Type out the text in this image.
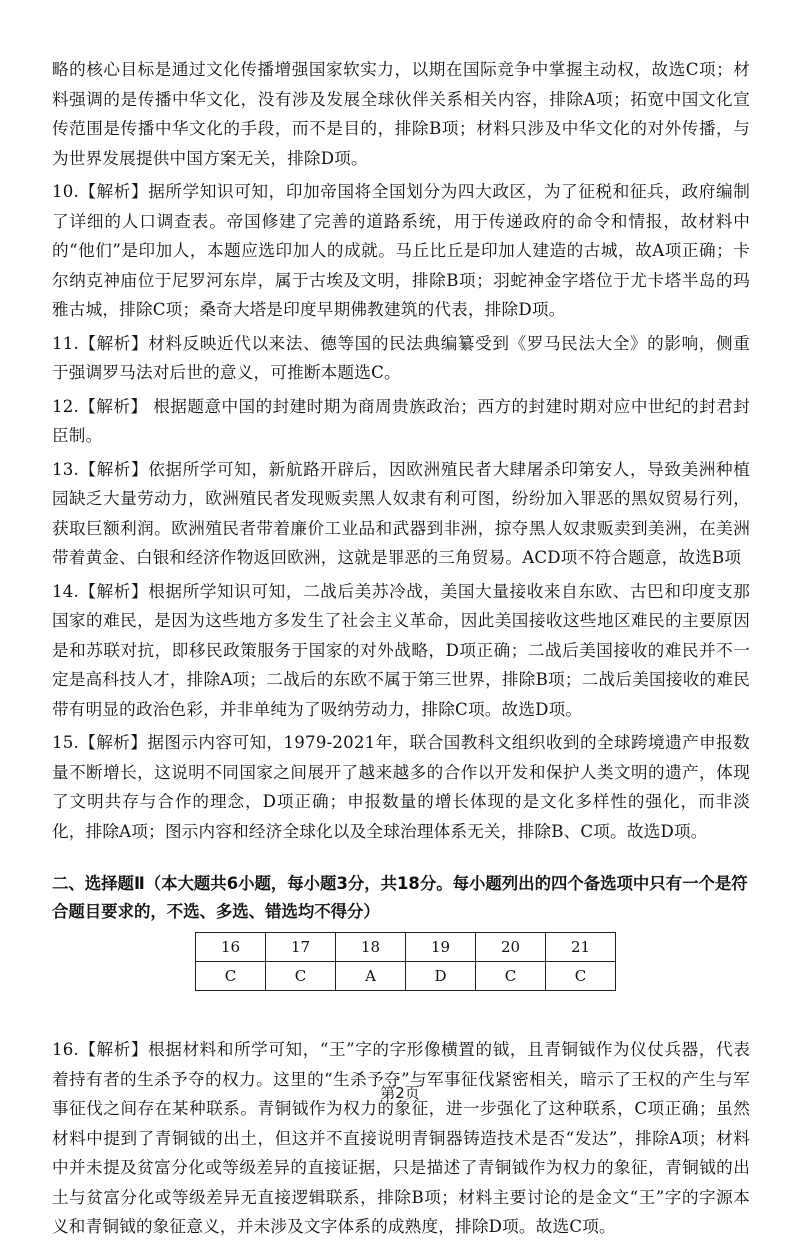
略的核心目标是通过文化传播增强国家软实力，以期在国际竞争中掌握主动权，故选C项；材料强调的是传播中华文化，没有涉及发展全球伙伴关系相关内容，排除A项；拓宽中国文化宣传范围是传播中华文化的手段，而不是目的，排除B项；材料只涉及中华文化的对外传播，与为世界发展提供中国方案无关，排除D项。

10.【解析】据所学知识可知，印加帝国将全国划分为四大政区，为了征税和征兵，政府编制了详细的人口调查表。帝国修建了完善的道路系统，用于传递政府的命令和情报，故材料中的“他们”是印加人，本题应选印加人的成就。马丘比丘是印加人建造的古城，故A项正确；卡尔纳克神庙位于尼罗河东岸，属于古埃及文明，排除B项；羽蛇神金字塔位于尤卡塔半岛的玛雅古城，排除C项；桑奇大塔是印度早期佛教建筑的代表，排除D项。

11.【解析】材料反映近代以来法、德等国的民法典编纂受到《罗马民法大全》的影响，侧重于强调罗马法对后世的意义，可推断本题选C。

12.【解析】 根据题意中国的封建时期为商周贵族政治；西方的封建时期对应中世纪的封君封臣制。

13.【解析】依据所学可知，新航路开辟后，因欧洲殖民者大肆屠杀印第安人，导致美洲种植园缺乏大量劳动力，欧洲殖民者发现贩卖黑人奴隶有利可图，纷纷加入罪恶的黑奴贸易行列，获取巨额利润。欧洲殖民者带着廉价工业品和武器到非洲，掠夺黑人奴隶贩卖到美洲，在美洲带着黄金、白银和经济作物返回欧洲，这就是罪恶的三角贸易。ACD项不符合题意，故选B项

14.【解析】根据所学知识可知，二战后美苏冷战，美国大量接收来自东欧、古巴和印度支那国家的难民，是因为这些地方多发生了社会主义革命，因此美国接收这些地区难民的主要原因是和苏联对抗，即移民政策服务于国家的对外战略，D项正确；二战后美国接收的难民并不一定是高科技人才，排除A项；二战后的东欧不属于第三世界，排除B项；二战后美国接收的难民带有明显的政治色彩，并非单纯为了吸纳劳动力，排除C项。故选D项。

15.【解析】据图示内容可知，1979-2021年，联合国教科文组织收到的全球跨境遗产申报数量不断增长，这说明不同国家之间展开了越来越多的合作以开发和保护人类文明的遗产，体现了文明共存与合作的理念，D项正确；申报数量的增长体现的是文化多样性的强化，而非淡化，排除A项；图示内容和经济全球化以及全球治理体系无关，排除B、C项。故选D项。

二、选择题Ⅱ（本大题共6小题，每小题3分，共18分。每小题列出的四个备选项中只有一个是符合题目要求的，不选、多选、错选均不得分）

16	17	18	19	20	21
C	C	A	D	C	C

16.【解析】根据材料和所学可知，“王”字的字形像横置的钺，且青铜钺作为仪仗兵器，代表着持有者的生杀予夺的权力。这里的“生杀予夺”与军事征伐紧密相关，暗示了王权的产生与军事征伐之间存在某种联系。青铜钺作为权力的象征，进一步强化了这种联系，C项正确；虽然材料中提到了青铜钺的出土，但这并不直接说明青铜器铸造技术是否“发达”，排除A项；材料中并未提及贫富分化或等级差异的直接证据，只是描述了青铜钺作为权力的象征，青铜钺的出土与贫富分化或等级差异无直接逻辑联系，排除B项；材料主要讨论的是金文“王”字的字源本义和青铜钺的象征意义，并未涉及文字体系的成熟度，排除D项。故选C项。

第2页
